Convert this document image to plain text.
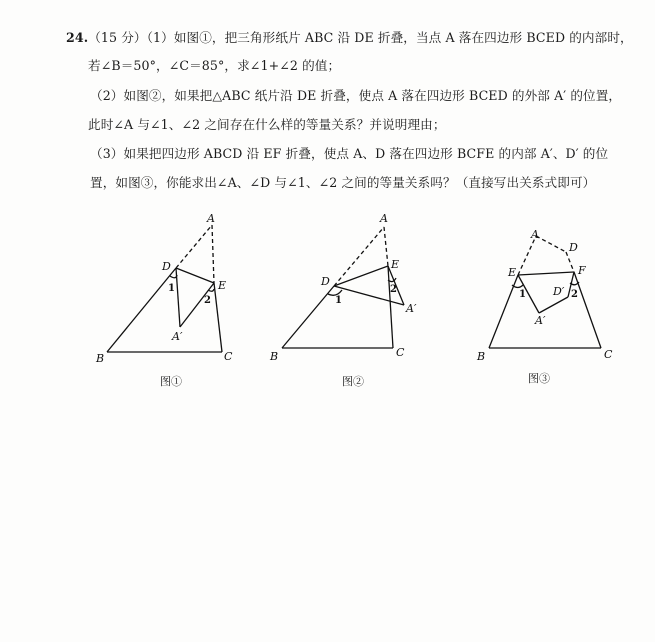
24.（15 分）（1）如图①，把三角形纸片 ABC 沿 DE 折叠，当点 A 落在四边形 BCED 的内部时，
若∠B＝50°，∠C＝85°，求∠1+∠2 的值；
（2）如图②，如果把△ABC 纸片沿 DE 折叠，使点 A 落在四边形 BCED 的外部 A′ 的位置，
此时∠A 与∠1、∠2 之间存在什么样的等量关系？并说明理由；
（3）如果把四边形 ABCD 沿 EF 折叠，使点 A、D 落在四边形 BCFE 的内部 A′、D′ 的位
置，如图③，你能求出∠A、∠D 与∠1、∠2 之间的等量关系吗？（直接写出关系式即可）
A
D
E
A′
B	C
1
2
图①
A
D
E
A′
B	C
1
2
图②
A
D
E	F
A′
D′
B	C
1	2
图③
